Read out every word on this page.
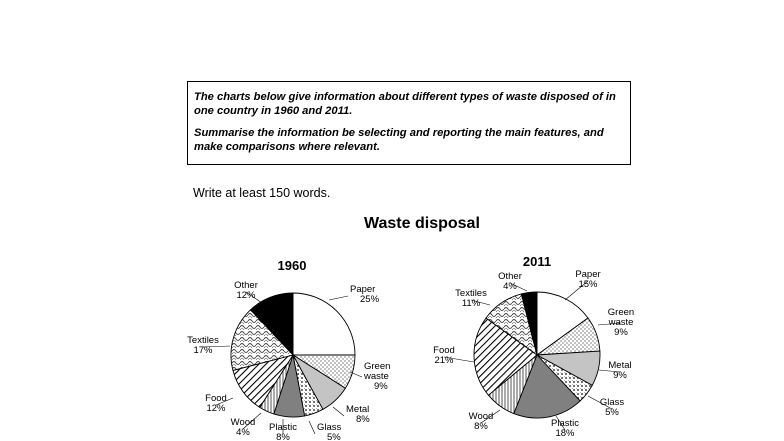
The charts below give information about different types of waste disposed of in one country in 1960 and 2011.

Summarise the information be selecting and reporting the main features, and make comparisons where relevant.

Write at least 150 words.
Waste disposal
1960
Paper 25%
Green waste 9%
Metal 8%
Glass 5%
Plastic 8%
Wood 4%
Food 12%
Textiles 17%
Other 12%
2011
Paper 15%
Green waste 9%
Metal 9%
Glass 5%
Plastic 18%
Wood 8%
Food 21%
Textiles 11%
Other 4%
